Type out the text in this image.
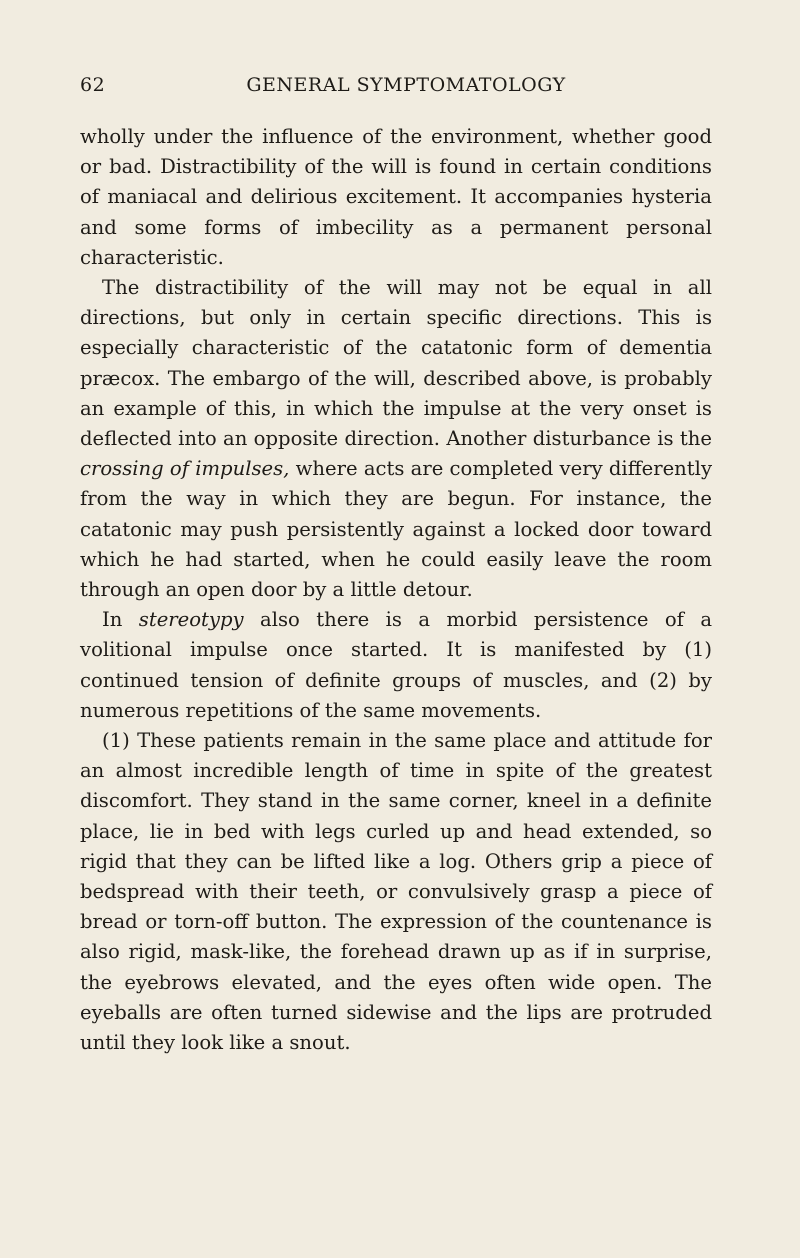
62	GENERAL SYMPTOMATOLOGY

wholly under the influence of the environment, whether good or bad. Distractibility of the will is found in certain conditions of maniacal and delirious excitement. It accompanies hysteria and some forms of imbecility as a permanent personal characteristic.

The distractibility of the will may not be equal in all directions, but only in certain specific directions. This is especially characteristic of the catatonic form of dementia præcox. The embargo of the will, described above, is probably an example of this, in which the impulse at the very onset is deflected into an opposite direction. Another disturbance is the crossing of impulses, where acts are completed very differently from the way in which they are begun. For instance, the catatonic may push persistently against a locked door toward which he had started, when he could easily leave the room through an open door by a little detour.

In stereotypy also there is a morbid persistence of a volitional impulse once started. It is manifested by (1) continued tension of definite groups of muscles, and (2) by numerous repetitions of the same movements.

(1) These patients remain in the same place and attitude for an almost incredible length of time in spite of the greatest discomfort. They stand in the same corner, kneel in a definite place, lie in bed with legs curled up and head extended, so rigid that they can be lifted like a log. Others grip a piece of bedspread with their teeth, or convulsively grasp a piece of bread or torn-off button. The expression of the countenance is also rigid, mask-like, the forehead drawn up as if in surprise, the eyebrows elevated, and the eyes often wide open. The eyeballs are often turned sidewise and the lips are protruded until they look like a snout.
